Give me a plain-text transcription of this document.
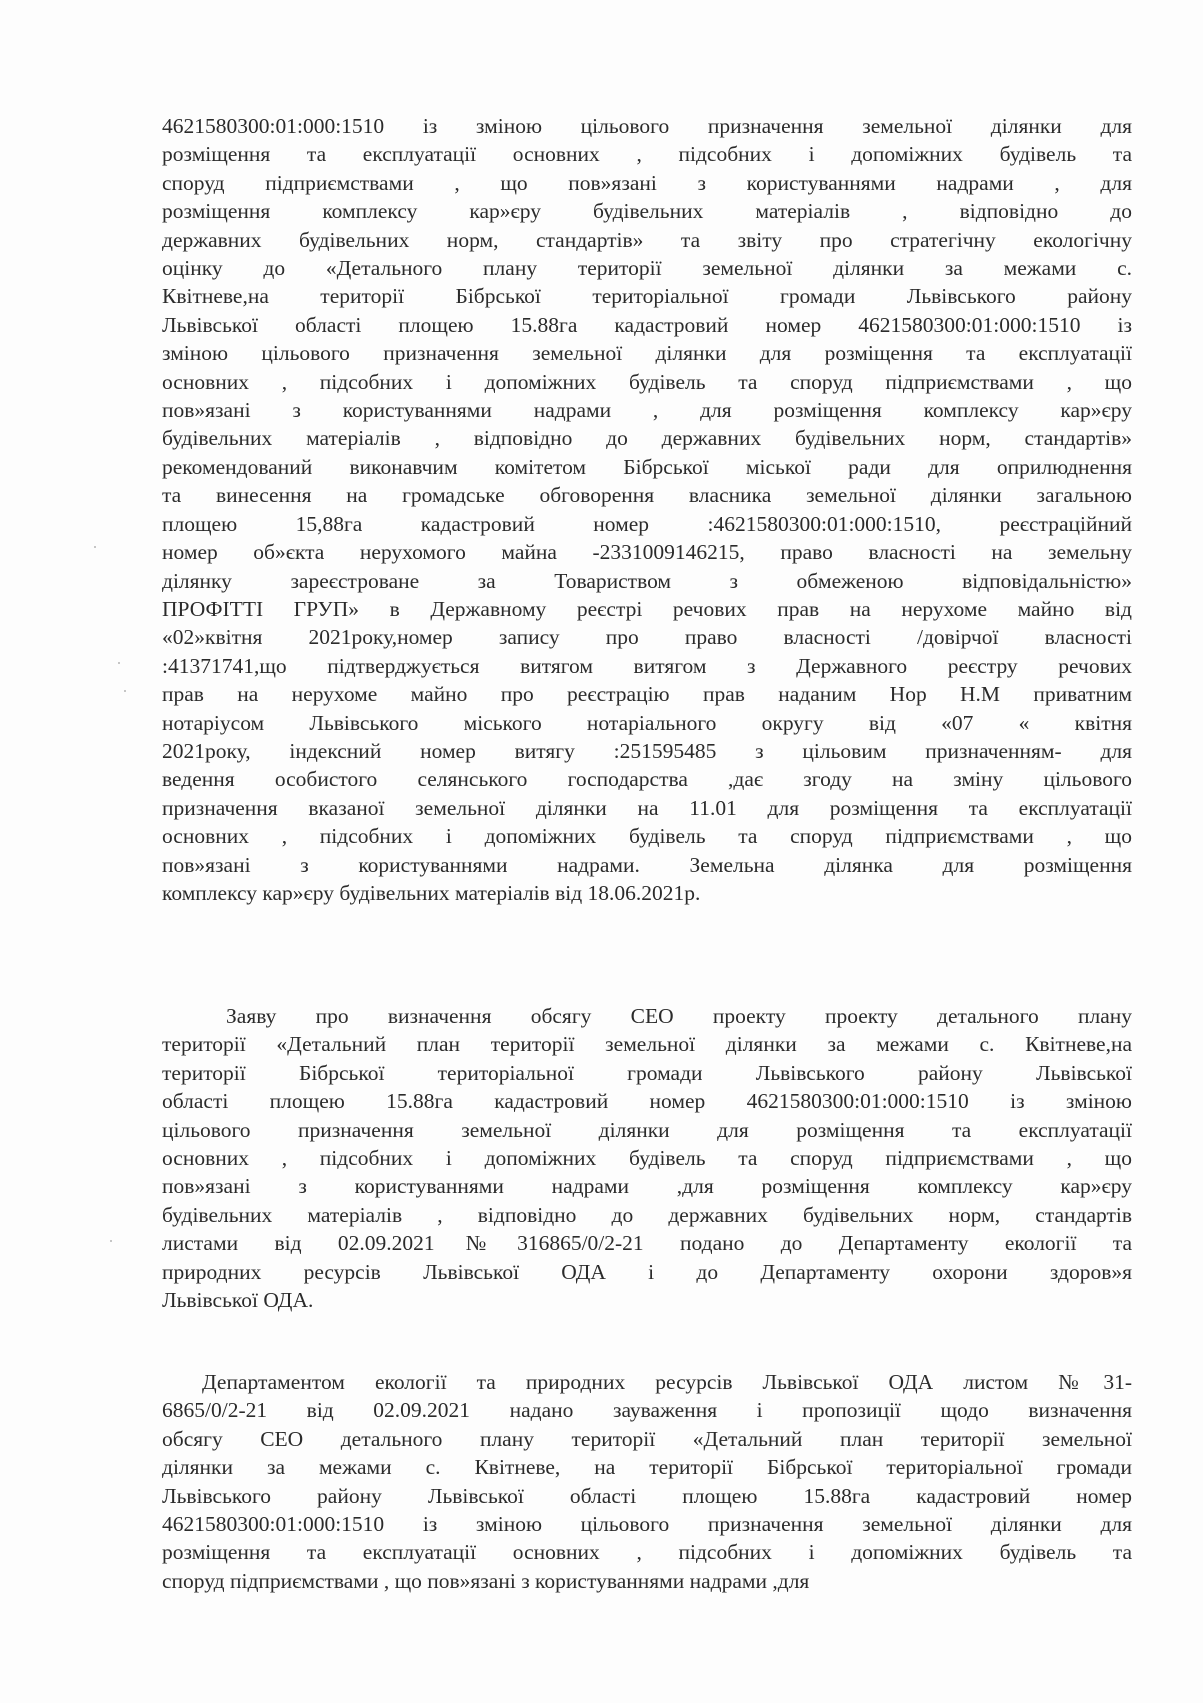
4621580300:01:000:1510 із зміною цільового призначення земельної ділянки для
розміщення та експлуатації основних , підсобних і допоміжних будівель та
споруд підприємствами , що пов»язані з користуваннями надрами , для
розміщення комплексу кар»єру будівельних матеріалів , відповідно до
державних будівельних норм, стандартів» та звіту про стратегічну екологічну
оцінку до «Детального плану території земельної ділянки за межами с.
Квітневе,на території Бібрської територіальної громади Львівського району
Львівської області площею 15.88га кадастровий номер 4621580300:01:000:1510 із
зміною цільового призначення земельної ділянки для розміщення та експлуатації
основних , підсобних і допоміжних будівель та споруд підприємствами , що
пов»язані з користуваннями надрами , для розміщення комплексу кар»єру
будівельних матеріалів , відповідно до державних будівельних норм, стандартів»
рекомендований виконавчим комітетом Бібрської міської ради для оприлюднення
та винесення на громадське обговорення власника земельної ділянки загальною
площею 15,88га кадастровий номер :4621580300:01:000:1510, реєстраційний
номер об»єкта нерухомого майна -2331009146215, право власності на земельну
ділянку зареєстроване за Товариством з обмеженою відповідальністю»
ПРОФІТТІ ГРУП» в Державному реєстрі речових прав на нерухоме майно від
«02»квітня 2021року,номер запису про право власності /довірчої власності
:41371741,що підтверджується витягом витягом з Державного реєстру речових
прав на нерухоме майно про реєстрацію прав наданим Нор Н.М приватним
нотаріусом Львівського міського нотаріального округу від «07 « квітня
2021року, індексний номер витягу :251595485 з цільовим призначенням- для
ведення особистого селянського господарства ,дає згоду на зміну цільового
призначення вказаної земельної ділянки на 11.01 для розміщення та експлуатації
основних , підсобних і допоміжних будівель та споруд підприємствами , що
пов»язані з користуваннями надрами. Земельна ділянка для розміщення
комплексу кар»єру будівельних матеріалів від 18.06.2021р.
Заяву про визначення обсягу СЕО проекту проекту детального плану
території «Детальний план території земельної ділянки за межами с. Квітневе,на
території Бібрської територіальної громади Львівського району Львівської
області площею 15.88га кадастровий номер 4621580300:01:000:1510 із зміною
цільового призначення земельної ділянки для розміщення та експлуатації
основних , підсобних і допоміжних будівель та споруд підприємствами , що
пов»язані з користуваннями надрами ,для розміщення комплексу кар»єру
будівельних матеріалів , відповідно до державних будівельних норм, стандартів
листами від 02.09.2021№316865/0/2-21 подано до Департаменту екології та
природних ресурсів Львівської ОДА і до Департаменту охорони здоров»я
Львівської ОДА.
Департаментом екології та природних ресурсів Львівської ОДА листом №31-
6865/0/2-21 від 02.09.2021 надано зауваження і пропозиції щодо визначення
обсягу СЕО детального плану території «Детальний план території земельної
ділянки за межами с. Квітневе, на території Бібрської територіальної громади
Львівського району Львівської області площею 15.88га кадастровий номер
4621580300:01:000:1510 із зміною цільового призначення земельної ділянки для
розміщення та експлуатації основних , підсобних і допоміжних будівель та
споруд підприємствами , що пов»язані з користуваннями надрами ,для
